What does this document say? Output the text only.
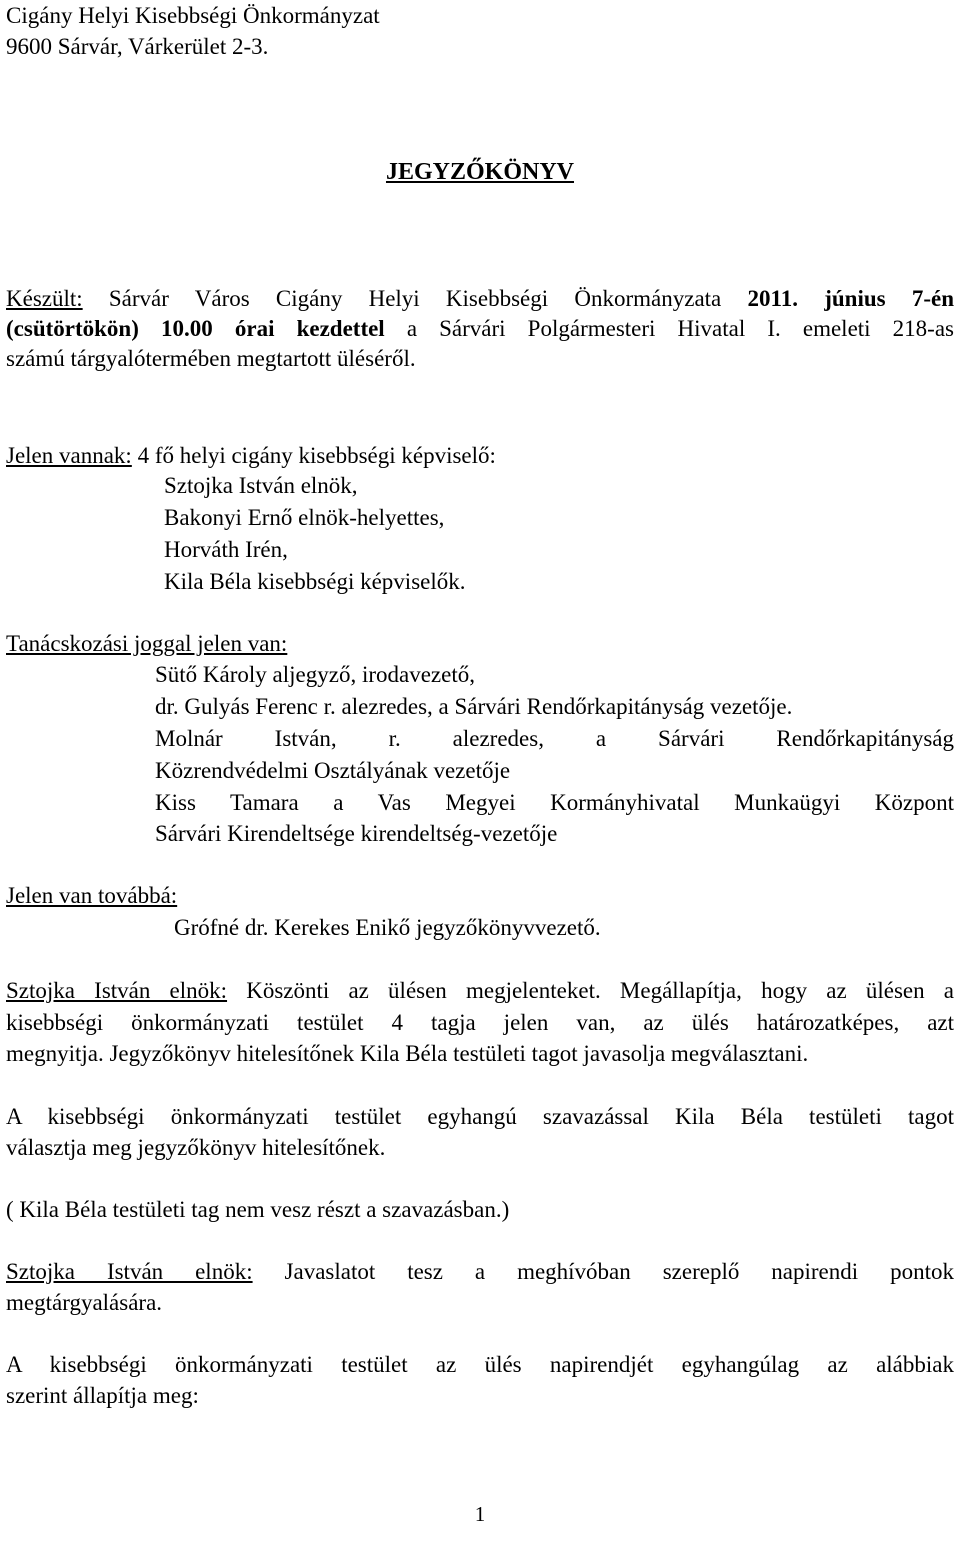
Cigány Helyi Kisebbségi Önkormányzat
9600 Sárvár, Várkerület 2-3.
JEGYZŐKÖNYV
Készült: Sárvár Város Cigány Helyi Kisebbségi Önkormányzata 2011. június 7-én
(csütörtökön) 10.00 órai kezdettel a Sárvári Polgármesteri Hivatal I. emeleti 218-as
számú tárgyalótermében megtartott üléséről.
Jelen vannak: 4 fő helyi cigány kisebbségi képviselő:
Sztojka István elnök,
Bakonyi Ernő elnök-helyettes,
Horváth Irén,
Kila Béla kisebbségi képviselők.
Tanácskozási joggal jelen van:
Sütő Károly aljegyző, irodavezető,
dr. Gulyás Ferenc r. alezredes, a Sárvári Rendőrkapitányság vezetője.
Molnár István, r. alezredes, a Sárvári Rendőrkapitányság
Közrendvédelmi Osztályának vezetője
Kiss Tamara a Vas Megyei Kormányhivatal Munkaügyi Központ
Sárvári Kirendeltsége kirendeltség-vezetője
Jelen van továbbá:
Grófné dr. Kerekes Enikő jegyzőkönyvvezető.
Sztojka István elnök: Köszönti az ülésen megjelenteket. Megállapítja, hogy az ülésen a
kisebbségi önkormányzati testület 4 tagja jelen van, az ülés határozatképes, azt
megnyitja. Jegyzőkönyv hitelesítőnek Kila Béla testületi tagot javasolja megválasztani.
A kisebbségi önkormányzati testület egyhangú szavazással Kila Béla testületi tagot
választja meg jegyzőkönyv hitelesítőnek.
( Kila Béla testületi tag nem vesz részt a szavazásban.)
Sztojka István elnök: Javaslatot tesz a meghívóban szereplő napirendi pontok
megtárgyalására.
A kisebbségi önkormányzati testület az ülés napirendjét egyhangúlag az alábbiak
szerint állapítja meg:
1
